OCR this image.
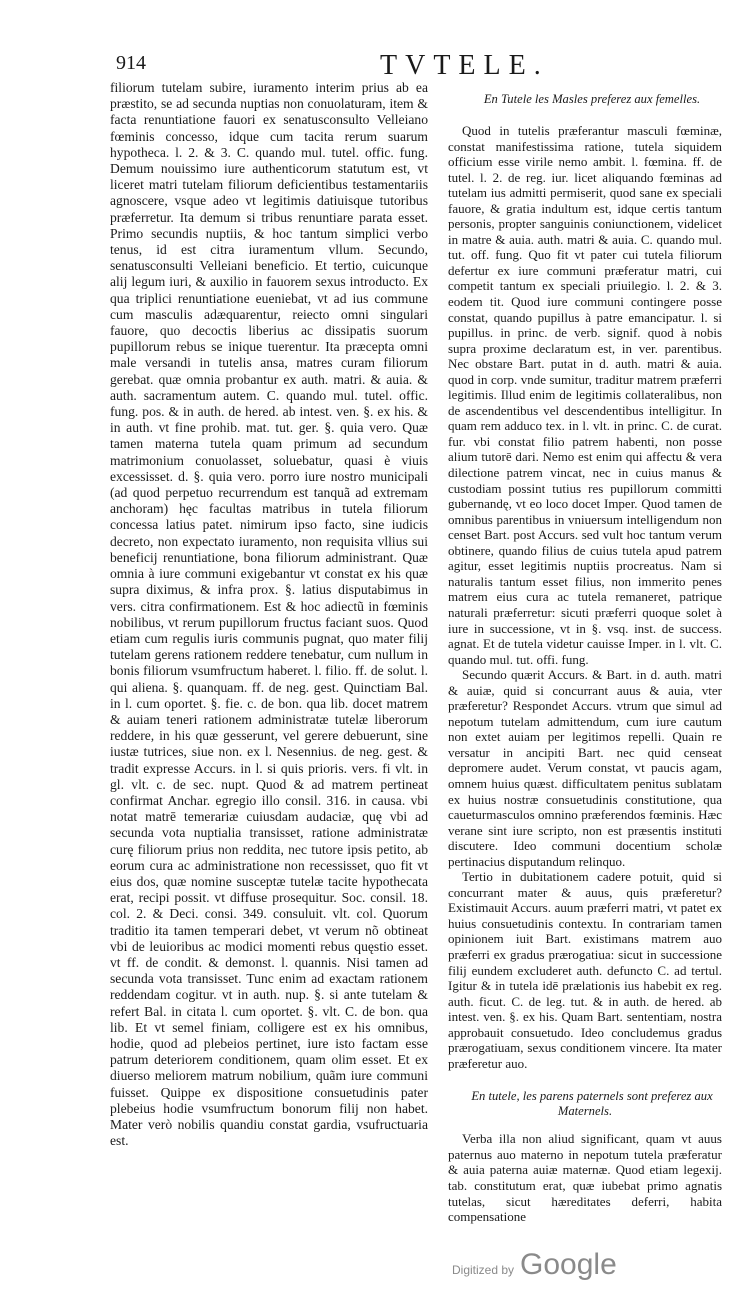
914	TVTELE.

filiorum tutelam subire, iuramento interim prius ab ea præstito, se ad secunda nuptias non conuolaturam, item & facta renuntiatione fauori ex senatusconsulto Velleiano fœminis concesso, idque cum tacita rerum suarum hypotheca. l. 2. & 3. C. quando mul. tutel. offic. fung. Demum nouissimo iure authenticorum statutum est, vt liceret matri tutelam filiorum deficientibus testamentariis agnoscere, vsque adeo vt legitimis datiuisque tutoribus præferretur. Ita demum si tribus renuntiare parata esset. Primo secundis nuptiis, & hoc tantum simplici verbo tenus, id est citra iuramentum vllum. Secundo, senatusconsulti Velleiani beneficio. Et tertio, cuicunque alij legum iuri, & auxilio in fauorem sexus introducto. Ex qua triplici renuntiatione eueniebat, vt ad ius commune cum masculis adæquarentur, reiecto omni singulari fauore, quo decoctis liberius ac dissipatis suorum pupillorum rebus se inique tuerentur. Ita præcepta omni male versandi in tutelis ansa, matres curam filiorum gerebat. quæ omnia probantur ex auth. matri. & auia. & auth. sacramentum autem. C. quando mul. tutel. offic. fung. pos. & in auth. de hered. ab intest. ven. §. ex his. & in auth. vt fine prohib. mat. tut. ger. §. quia vero. Quæ tamen materna tutela quam primum ad secundum matrimonium conuolasset, soluebatur, quasi è viuis excessisset. d. §. quia vero. porro iure nostro municipali (ad quod perpetuo recurrendum est tanquã ad extremam anchoram) hęc facultas matribus in tutela filiorum concessa latius patet. nimirum ipso facto, sine iudicis decreto, non expectato iuramento, non requisita vllius sui beneficij renuntiatione, bona filiorum administrant. Quæ omnia à iure communi exigebantur vt constat ex his quæ supra diximus, & infra prox. §. latius disputabimus in vers. citra confirmationem. Est & hoc adiectũ in fœminis nobilibus, vt rerum pupillorum fructus faciant suos. Quod etiam cum regulis iuris communis pugnat, quo mater filij tutelam gerens rationem reddere tenebatur, cum nullum in bonis filiorum vsumfructum haberet. l. filio. ff. de solut. l. qui aliena. §. quanquam. ff. de neg. gest. Quinctiam Bal. in l. cum oportet. §. fie. c. de bon. qua lib. docet matrem & auiam teneri rationem administratæ tutelæ liberorum reddere, in his quæ gesserunt, vel gerere debuerunt, sine iustæ tutrices, siue non. ex l. Nesennius. de neg. gest. & tradit expresse Accurs. in l. si quis prioris. vers. fi vlt. in gl. vlt. c. de sec. nupt. Quod & ad matrem pertineat confirmat Anchar. egregio illo consil. 316. in causa. vbi notat matrē temerariæ cuiusdam audaciæ, quę vbi ad secunda vota nuptialia transisset, ratione administratæ curę filiorum prius non reddita, nec tutore ipsis petito, ab eorum cura ac administratione non recessisset, quo fit vt eius dos, quæ nomine susceptæ tutelæ tacite hypothecata erat, recipi possit. vt diffuse prosequitur. Soc. consil. 18. col. 2. & Deci. consi. 349. consuluit. vlt. col. Quorum traditio ita tamen temperari debet, vt verum nõ obtineat vbi de leuioribus ac modici momenti rebus quęstio esset. vt ff. de condit. & demonst. l. quannis. Nisi tamen ad secunda vota transisset. Tunc enim ad exactam rationem reddendam cogitur. vt in auth. nup. §. si ante tutelam & refert Bal. in citata l. cum oportet. §. vlt. C. de bon. qua lib. Et vt semel finiam, colligere est ex his omnibus, hodie, quod ad plebeios pertinet, iure isto factam esse patrum deteriorem conditionem, quam olim esset. Et ex diuerso meliorem matrum nobilium, quãm iure communi fuisset. Quippe ex dispositione consuetudinis pater plebeius hodie vsumfructum bonorum filij non habet. Mater verò nobilis quandiu constat gardia, vsufructuaria est.

En Tutele les Masles preferez aux femelles.

Quod in tutelis præferantur masculi fœminæ, constat manifestissima ratione, tutela siquidem officium esse virile nemo ambit. l. fœmina. ff. de tutel. l. 2. de reg. iur. licet aliquando fœminas ad tutelam ius admitti permiserit, quod sane ex speciali fauore, & gratia indultum est, idque certis tantum personis, propter sanguinis coniunctionem, videlicet in matre & auia. auth. matri & auia. C. quando mul. tut. off. fung. Quo fit vt pater cui tutela filiorum defertur ex iure communi præferatur matri, cui competit tantum ex speciali priuilegio. l. 2. & 3. eodem tit. Quod iure communi contingere posse constat, quando pupillus à patre emancipatur. l. si pupillus. in princ. de verb. signif. quod à nobis supra proxime declaratum est, in ver. parentibus. Nec obstare Bart. putat in d. auth. matri & auia. quod in corp. vnde sumitur, traditur matrem præferri legitimis. Illud enim de legitimis collateralibus, non de ascendentibus vel descendentibus intelligitur. In quam rem adduco tex. in l. vlt. in princ. C. de curat. fur. vbi constat filio patrem habenti, non posse alium tutorē dari. Nemo est enim qui affectu & vera dilectione patrem vincat, nec in cuius manus & custodiam possint tutius res pupillorum committi gubernandę, vt eo loco docet Imper. Quod tamen de omnibus parentibus in vniuersum intelligendum non censet Bart. post Accurs. sed vult hoc tantum verum obtinere, quando filius de cuius tutela apud patrem agitur, esset legitimis nuptiis procreatus. Nam si naturalis tantum esset filius, non immerito penes matrem eius cura ac tutela remaneret, patrique naturali præferretur: sicuti præferri quoque solet à iure in successione, vt in §. vsq. inst. de success. agnat. Et de tutela videtur cauisse Imper. in l. vlt. C. quando mul. tut. offi. fung.

Secundo quærit Accurs. & Bart. in d. auth. matri & auiæ, quid si concurrant auus & auia, vter præferetur? Respondet Accurs. vtrum que simul ad nepotum tutelam admittendum, cum iure cautum non extet auiam per legitimos repelli. Quain re versatur in ancipiti Bart. nec quid censeat depromere audet. Verum constat, vt paucis agam, omnem huius quæst. difficultatem penitus sublatam ex huius nostræ consuetudinis constitutione, qua caueturmasculos omnino præferendos fœminis. Hæc verane sint iure scripto, non est præsentis instituti discutere. Ideo communi docentium scholæ pertinacius disputandum relinquo.

Tertio in dubitationem cadere potuit, quid si concurrant mater & auus, quis præferetur? Existimauit Accurs. auum præferri matri, vt patet ex huius consuetudinis contextu. In contrariam tamen opinionem iuit Bart. existimans matrem auo præferri ex gradus prærogatiua: sicut in successione filij eundem excluderet auth. defuncto C. ad tertul. Igitur & in tutela idē prælationis ius habebit ex reg. auth. ficut. C. de leg. tut. & in auth. de hered. ab intest. ven. §. ex his. Quam Bart. sententiam, nostra approbauit consuetudo. Ideo concludemus gradus prærogatiuam, sexus conditionem vincere. Ita mater præferetur auo.

En tutele, les parens paternels sont preferez aux Maternels.

Verba illa non aliud significant, quam vt auus paternus auo materno in nepotum tutela præferatur & auia paterna auiæ maternæ. Quod etiam legexij. tab. constitutum erat, quæ iubebat primo agnatis tutelas, sicut hæreditates deferri, habita compensatione

Digitized by Google
